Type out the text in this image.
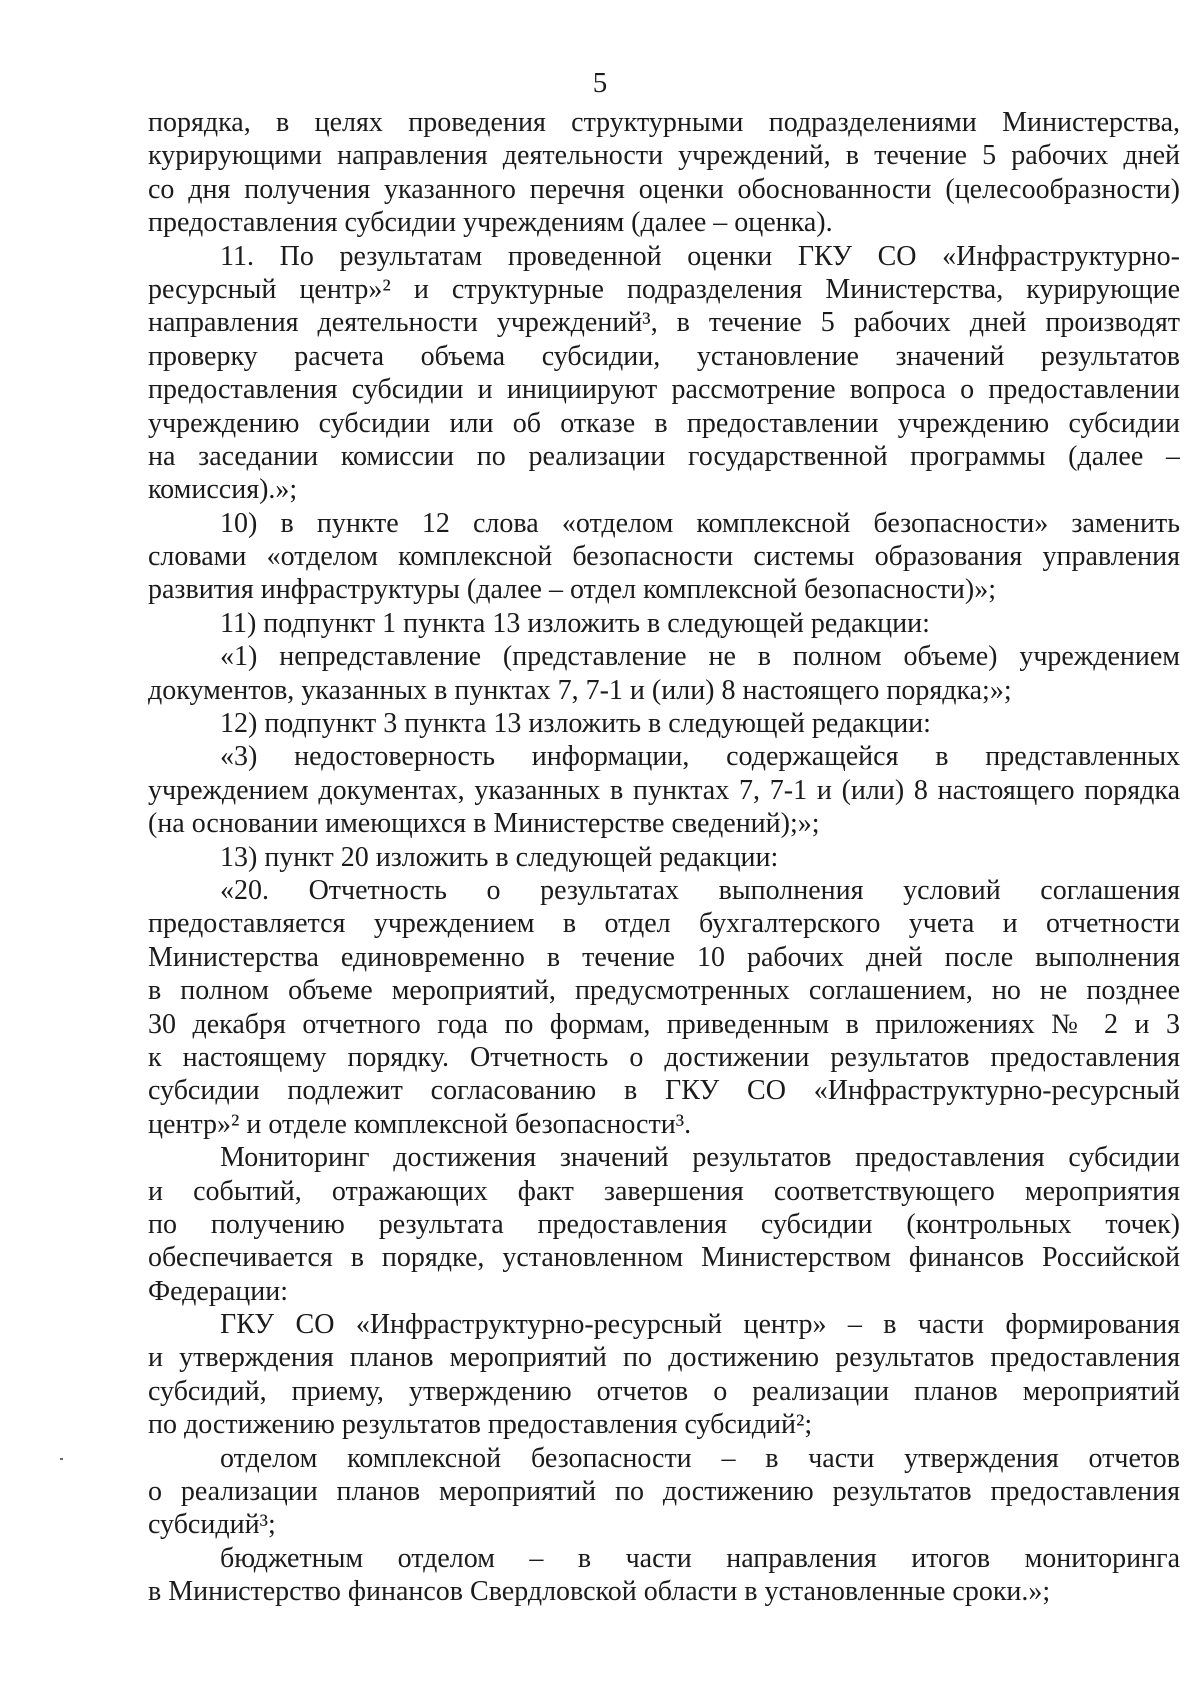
5
порядка, в целях проведения структурными подразделениями Министерства,
курирующими направления деятельности учреждений, в течение 5 рабочих дней
со дня получения указанного перечня оценки обоснованности (целесообразности)
предоставления субсидии учреждениям (далее – оценка).
11. По результатам проведенной оценки ГКУ СО «Инфраструктурно-
ресурсный центр»² и структурные подразделения Министерства, курирующие
направления деятельности учреждений³, в течение 5 рабочих дней производят
проверку расчета объема субсидии, установление значений результатов
предоставления субсидии и инициируют рассмотрение вопроса о предоставлении
учреждению субсидии или об отказе в предоставлении учреждению субсидии
на заседании комиссии по реализации государственной программы (далее –
комиссия).»;
10) в пункте 12 слова «отделом комплексной безопасности» заменить
словами «отделом комплексной безопасности системы образования управления
развития инфраструктуры (далее – отдел комплексной безопасности)»;
11) подпункт 1 пункта 13 изложить в следующей редакции:
«1) непредставление (представление не в полном объеме) учреждением
документов, указанных в пунктах 7, 7-1 и (или) 8 настоящего порядка;»;
12) подпункт 3 пункта 13 изложить в следующей редакции:
«3) недостоверность информации, содержащейся в представленных
учреждением документах, указанных в пунктах 7, 7-1 и (или) 8 настоящего порядка
(на основании имеющихся в Министерстве сведений);»;
13) пункт 20 изложить в следующей редакции:
«20. Отчетность о результатах выполнения условий соглашения
предоставляется учреждением в отдел бухгалтерского учета и отчетности
Министерства единовременно в течение 10 рабочих дней после выполнения
в полном объеме мероприятий, предусмотренных соглашением, но не позднее
30 декабря отчетного года по формам, приведенным в приложениях № 2 и 3
к настоящему порядку. Отчетность о достижении результатов предоставления
субсидии подлежит согласованию в ГКУ СО «Инфраструктурно-ресурсный
центр»² и отделе комплексной безопасности³.
Мониторинг достижения значений результатов предоставления субсидии
и событий, отражающих факт завершения соответствующего мероприятия
по получению результата предоставления субсидии (контрольных точек)
обеспечивается в порядке, установленном Министерством финансов Российской
Федерации:
ГКУ СО «Инфраструктурно-ресурсный центр» – в части формирования
и утверждения планов мероприятий по достижению результатов предоставления
субсидий, приему, утверждению отчетов о реализации планов мероприятий
по достижению результатов предоставления субсидий²;
отделом комплексной безопасности – в части утверждения отчетов
о реализации планов мероприятий по достижению результатов предоставления
субсидий³;
бюджетным отделом – в части направления итогов мониторинга
в Министерство финансов Свердловской области в установленные сроки.»;
